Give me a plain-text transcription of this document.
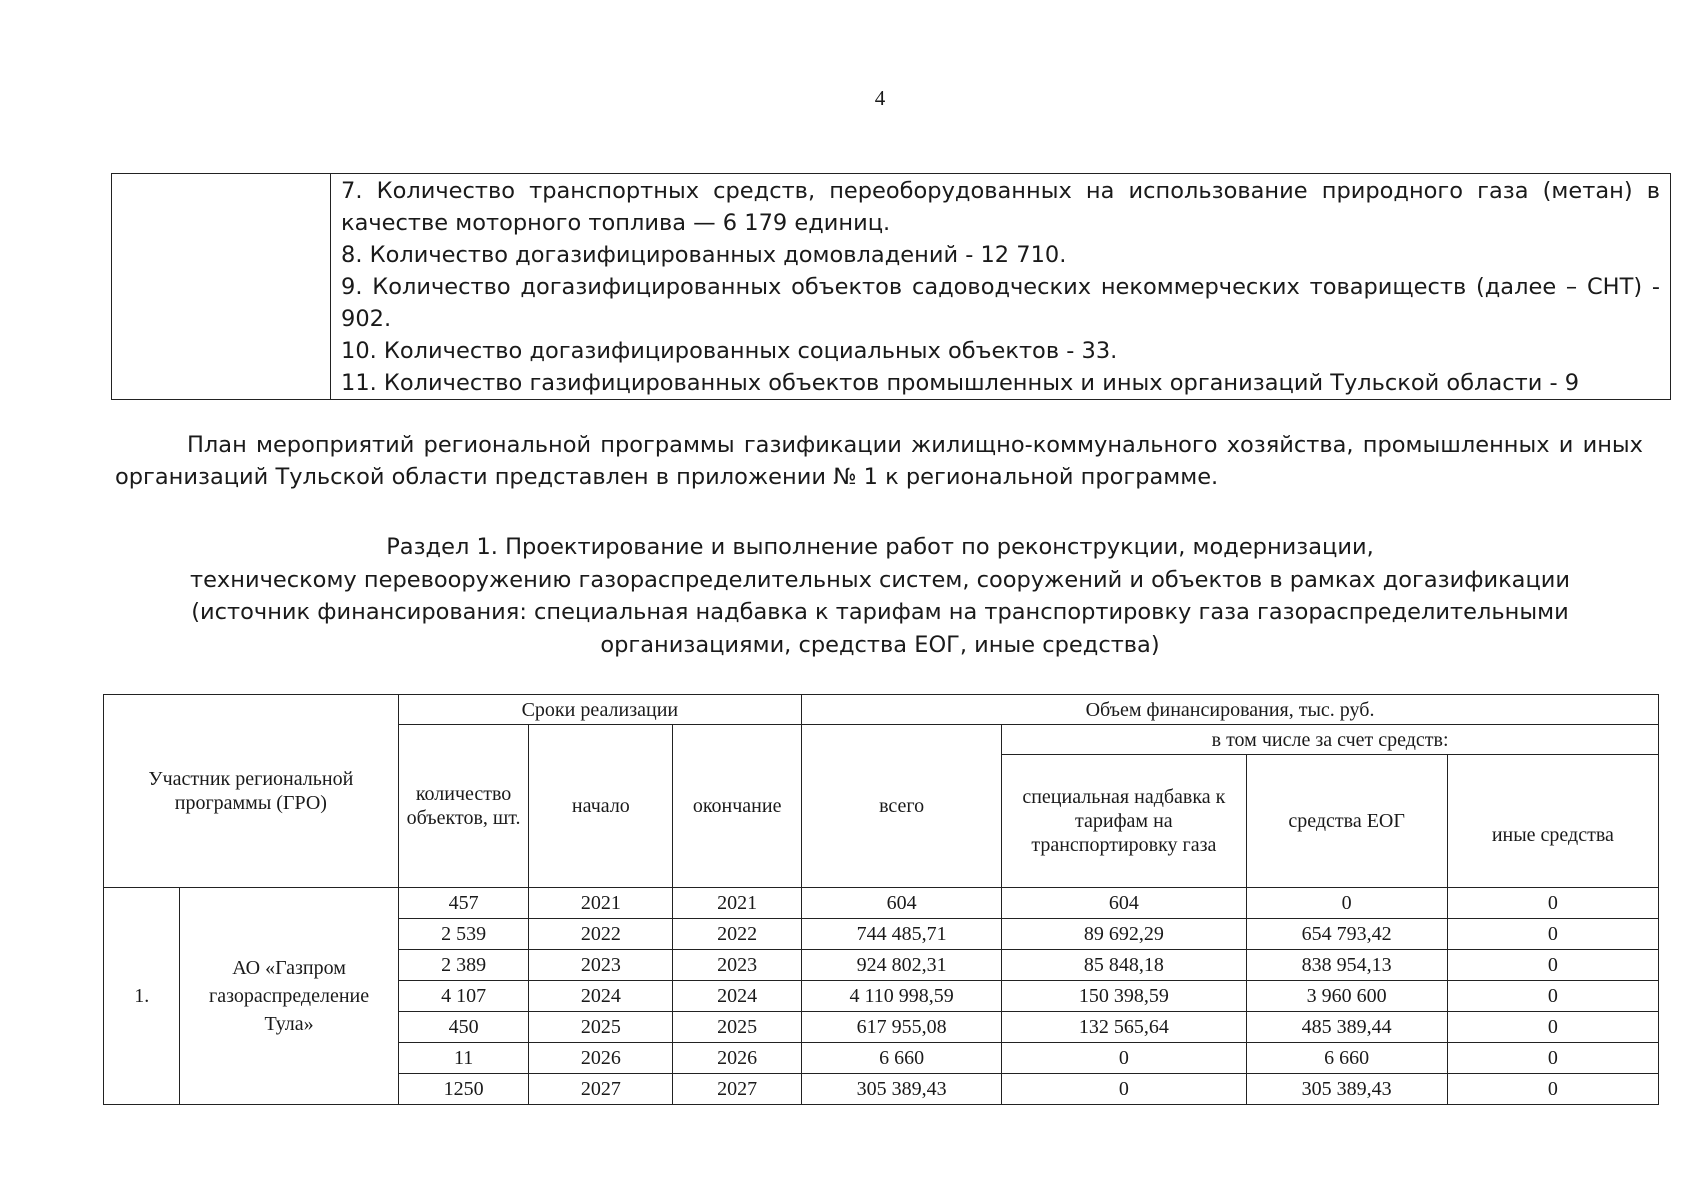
4

7. Количество транспортных средств, переоборудованных на использование природного газа (метан) в
качестве моторного топлива — 6 179 единиц.
8. Количество догазифицированных домовладений - 12 710.
9. Количество догазифицированных объектов садоводческих некоммерческих товариществ (далее – СНТ) -
902.
10. Количество догазифицированных социальных объектов - 33.
11. Количество газифицированных объектов промышленных и иных организаций Тульской области - 9
План мероприятий региональной программы газификации жилищно-коммунального хозяйства, промышленных и иных организаций Тульской области представлен в приложении № 1 к региональной программе.
Раздел 1. Проектирование и выполнение работ по реконструкции, модернизации,
техническому перевооружению газораспределительных систем, сооружений и объектов в рамках догазификации
(источник финансирования: специальная надбавка к тарифам на транспортировку газа газораспределительными
организациями, средства ЕОГ, иные средства)
Участник региональной программы (ГРО)		Сроки реализации			Объем финансирования, тыс. руб.			
		количество объектов, шт.	начало	окончание	всего	в том числе за счет средств:		
						специальная надбавка к тарифам на транспортировку газа	средства ЕОГ	иные средства
1.	АО «Газпром газораспределение Тула»	457	2021	2021	604	604	0	0
		2 539	2022	2022	744 485,71	89 692,29	654 793,42	0
		2 389	2023	2023	924 802,31	85 848,18	838 954,13	0
		4 107	2024	2024	4 110 998,59	150 398,59	3 960 600	0
		450	2025	2025	617 955,08	132 565,64	485 389,44	0
		11	2026	2026	6 660	0	6 660	0
		1250	2027	2027	305 389,43	0	305 389,43	0
